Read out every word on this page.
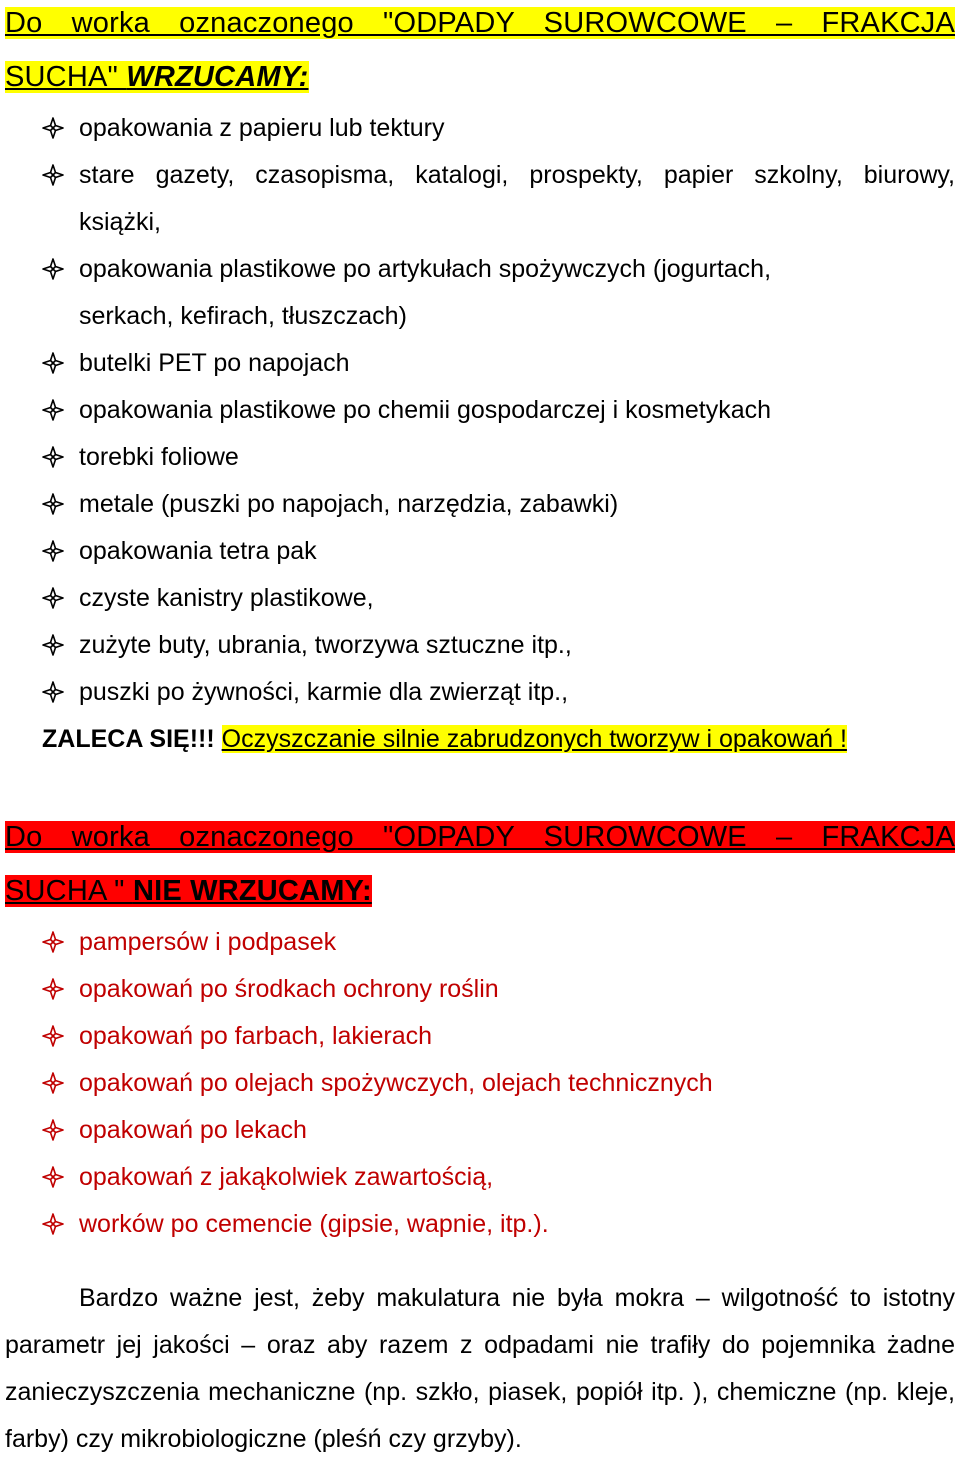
Do worka oznaczonego "ODPADY SUROWCOWE – FRAKCJA
SUCHA" WRZUCAMY:
opakowania z papieru lub tektury
stare gazety, czasopisma, katalogi, prospekty, papier szkolny, biurowy,
książki,
opakowania plastikowe po artykułach spożywczych (jogurtach,
serkach, kefirach, tłuszczach)
butelki PET po napojach
opakowania plastikowe po chemii gospodarczej i kosmetykach
torebki foliowe
metale (puszki po napojach, narzędzia, zabawki)
opakowania tetra pak
czyste kanistry plastikowe,
zużyte buty, ubrania, tworzywa sztuczne itp.,
puszki po żywności, karmie dla zwierząt itp.,
ZALECA SIĘ!!! Oczyszczanie silnie zabrudzonych tworzyw i opakowań !
Do worka oznaczonego "ODPADY SUROWCOWE – FRAKCJA
SUCHA " NIE WRZUCAMY:
pampersów i podpasek
opakowań po środkach ochrony roślin
opakowań po farbach, lakierach
opakowań po olejach spożywczych, olejach technicznych
opakowań po lekach
opakowań z jakąkolwiek zawartością,
worków po cemencie (gipsie, wapnie, itp.).
Bardzo ważne jest, żeby makulatura nie była mokra – wilgotność to istotny parametr jej jakości – oraz aby razem z odpadami nie trafiły do pojemnika żadne zanieczyszczenia mechaniczne (np. szkło, piasek, popiół itp. ), chemiczne (np. kleje, farby) czy mikrobiologiczne (pleśń czy grzyby).
